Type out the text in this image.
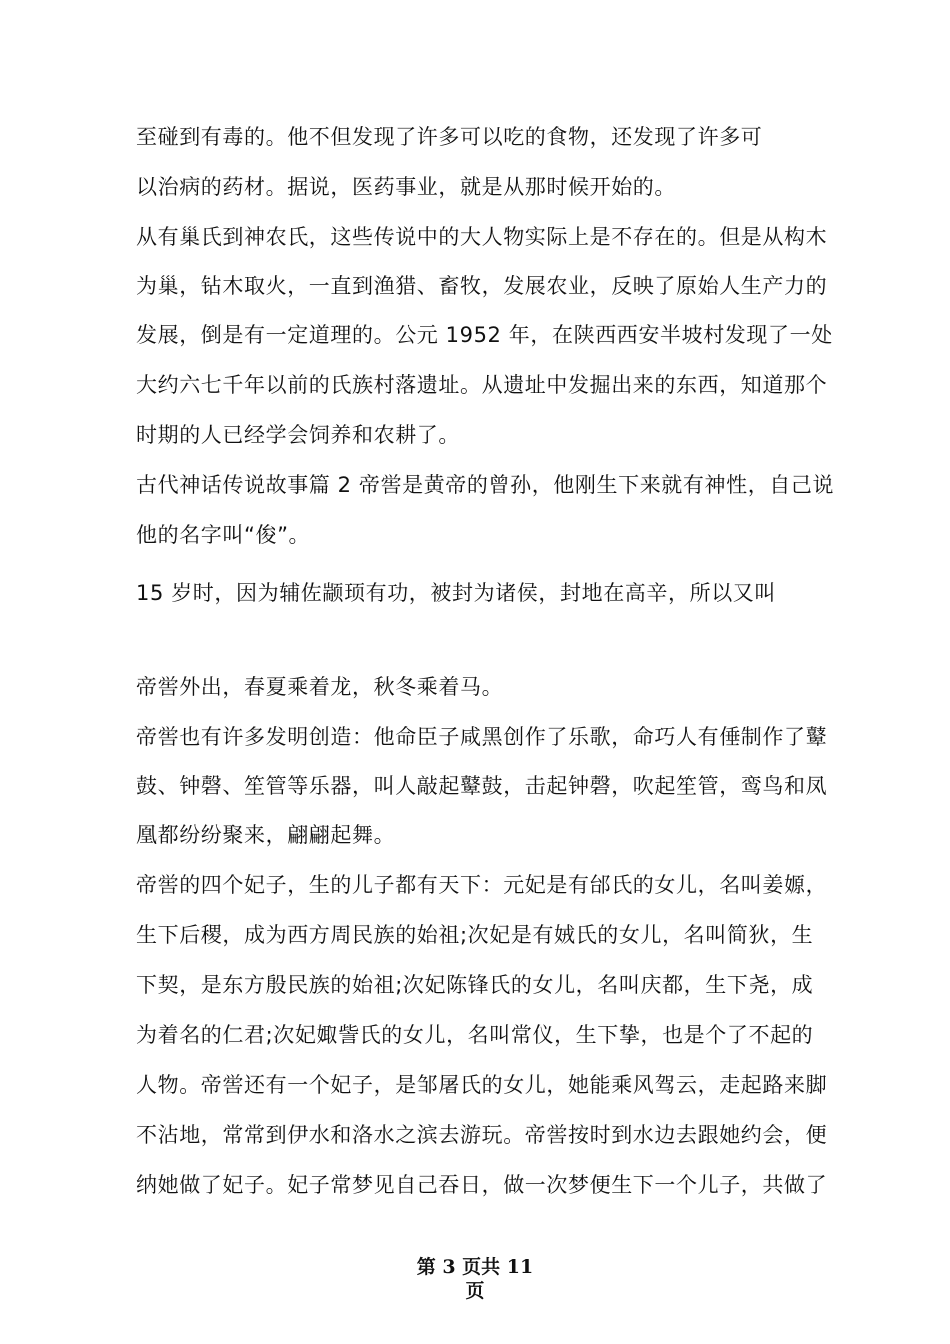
至碰到有毒的。他不但发现了许多可以吃的食物，还发现了许多可
以治病的药材。据说，医药事业，就是从那时候开始的。
从有巢氏到神农氏，这些传说中的大人物实际上是不存在的。但是从构木
为巢，钻木取火，一直到渔猎、畜牧，发展农业，反映了原始人生产力的
发展，倒是有一定道理的。公元 1952 年，在陕西西安半坡村发现了一处
大约六七千年以前的氏族村落遗址。从遗址中发掘出来的东西，知道那个
时期的人已经学会饲养和农耕了。
古代神话传说故事篇 2 帝喾是黄帝的曾孙，他刚生下来就有神性，自己说
他的名字叫“俊”。
15 岁时，因为辅佐颛顼有功，被封为诸侯，封地在高辛，所以又叫
帝喾外出，春夏乘着龙，秋冬乘着马。
帝喾也有许多发明创造：他命臣子咸黑创作了乐歌，命巧人有倕制作了鼙
鼓、钟磬、笙管等乐器，叫人敲起鼙鼓，击起钟磬，吹起笙管，鸾鸟和凤
凰都纷纷聚来，翩翩起舞。
帝喾的四个妃子，生的儿子都有天下：元妃是有邰氏的女儿，名叫姜嫄，
生下后稷，成为西方周民族的始祖;次妃是有娀氏的女儿，名叫简狄，生
下契，是东方殷民族的始祖;次妃陈锋氏的女儿，名叫庆都，生下尧，成
为着名的仁君;次妃娵訾氏的女儿，名叫常仪，生下挚，也是个了不起的
人物。帝喾还有一个妃子，是邹屠氏的女儿，她能乘风驾云，走起路来脚
不沾地，常常到伊水和洛水之滨去游玩。帝喾按时到水边去跟她约会，便
纳她做了妃子。妃子常梦见自己吞日，做一次梦便生下一个儿子，共做了
第 3 页共 11
页
